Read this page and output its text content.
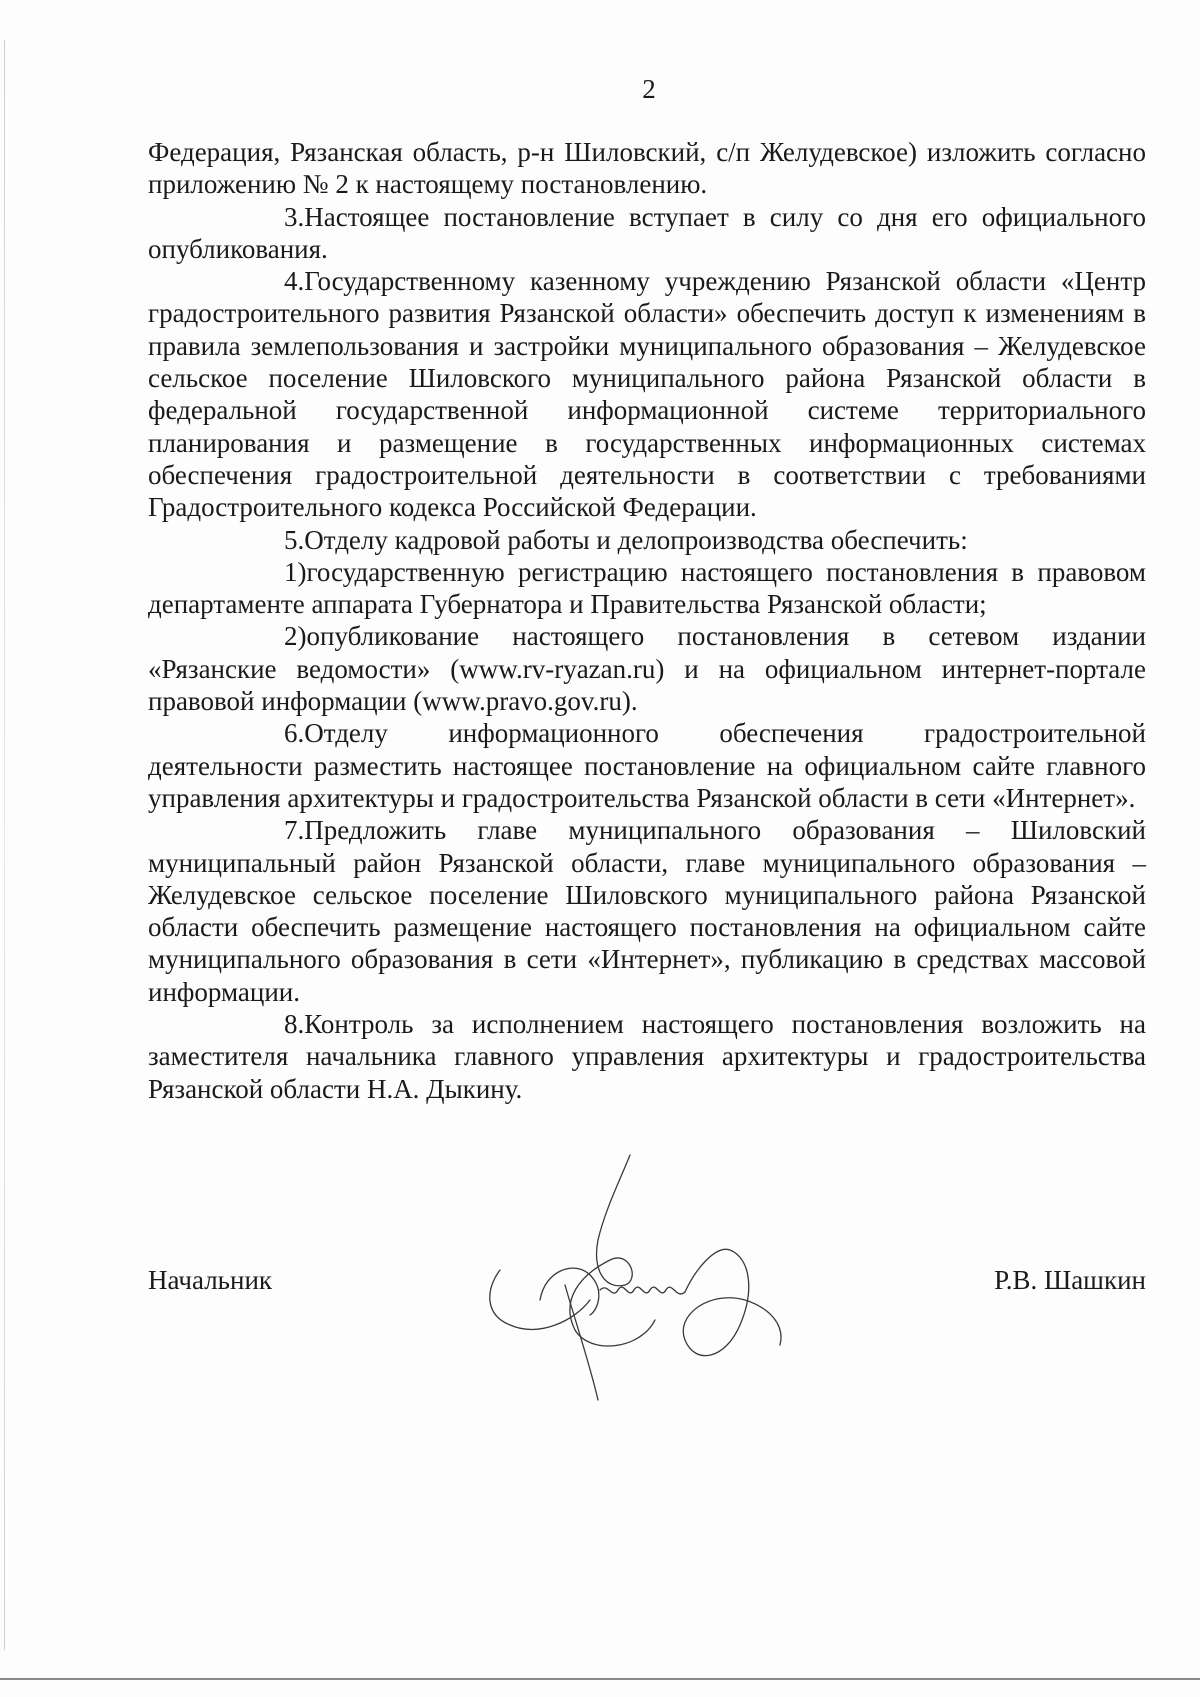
2

Федерация, Рязанская область, р-н Шиловский, с/п Желудевское) изложить согласно приложению № 2 к настоящему постановлению.

3.Настоящее постановление вступает в силу со дня его официального опубликования.

4.Государственному казенному учреждению Рязанской области «Центр градостроительного развития Рязанской области» обеспечить доступ к изменениям в правила землепользования и застройки муниципального образования – Желудевское сельское поселение Шиловского муниципального района Рязанской области в федеральной государственной информационной системе территориального планирования и размещение в государственных информационных системах обеспечения градостроительной деятельности в соответствии с требованиями Градостроительного кодекса Российской Федерации.

5.Отделу кадровой работы и делопроизводства обеспечить:

1)государственную регистрацию настоящего постановления в правовом департаменте аппарата Губернатора и Правительства Рязанской области;

2)опубликование настоящего постановления в сетевом издании «Рязанские ведомости» (www.rv-ryazan.ru) и на официальном интернет-портале правовой информации (www.pravo.gov.ru).

6.Отделу информационного обеспечения градостроительной деятельности разместить настоящее постановление на официальном сайте главного управления архитектуры и градостроительства Рязанской области в сети «Интернет».

7.Предложить главе муниципального образования – Шиловский муниципальный район Рязанской области, главе муниципального образования – Желудевское сельское поселение Шиловского муниципального района Рязанской области обеспечить размещение настоящего постановления на официальном сайте муниципального образования в сети «Интернет», публикацию в средствах массовой информации.

8.Контроль за исполнением настоящего постановления возложить на заместителя начальника главного управления архитектуры и градостроительства Рязанской области Н.А. Дыкину.

Начальник	Р.В. Шашкин
